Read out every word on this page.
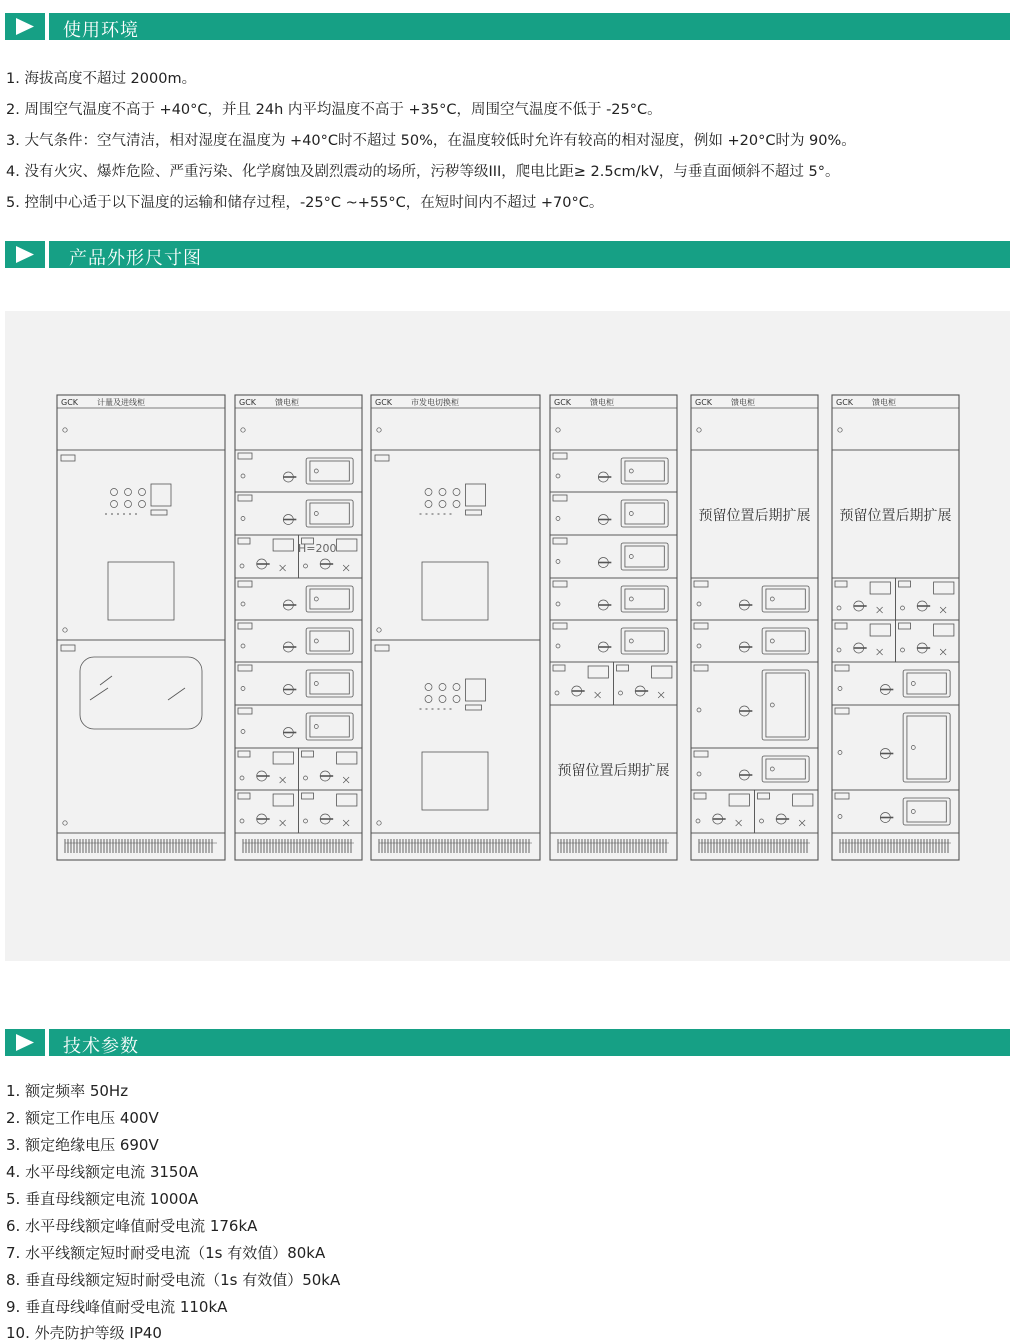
使用环境
1. 海拔高度不超过 2000m。
2. 周围空气温度不高于 +40°C，并且 24h 内平均温度不高于 +35°C，周围空气温度不低于 -25°C。
3. 大气条件：空气清洁，相对湿度在温度为 +40°C时不超过 50%，在温度较低时允许有较高的相对湿度，例如 +20°C时为 90%。
4. 没有火灾、爆炸危险、严重污染、化学腐蚀及剧烈震动的场所，污秽等级III，爬电比距≥ 2.5cm/kV，与垂直面倾斜不超过 5°。
5. 控制中心适于以下温度的运输和储存过程，-25°C ~+55°C，在短时间内不超过 +70°C。
产品外形尺寸图
GCK 计量及进线柜	GCK 馈电柜
H=200
GCK 市发电切换柜	GCK 馈电柜
预留位置后期扩展
GCK 馈电柜
预留位置后期扩展
GCK 馈电柜
预留位置后期扩展
技术参数
1. 额定频率 50Hz
2. 额定工作电压 400V
3. 额定绝缘电压 690V
4. 水平母线额定电流 3150A
5. 垂直母线额定电流 1000A
6. 水平母线额定峰值耐受电流 176kA
7. 水平线额定短时耐受电流（1s 有效值）80kA
8. 垂直母线额定短时耐受电流（1s 有效值）50kA
9. 垂直母线峰值耐受电流 110kA
10. 外壳防护等级 IP40
